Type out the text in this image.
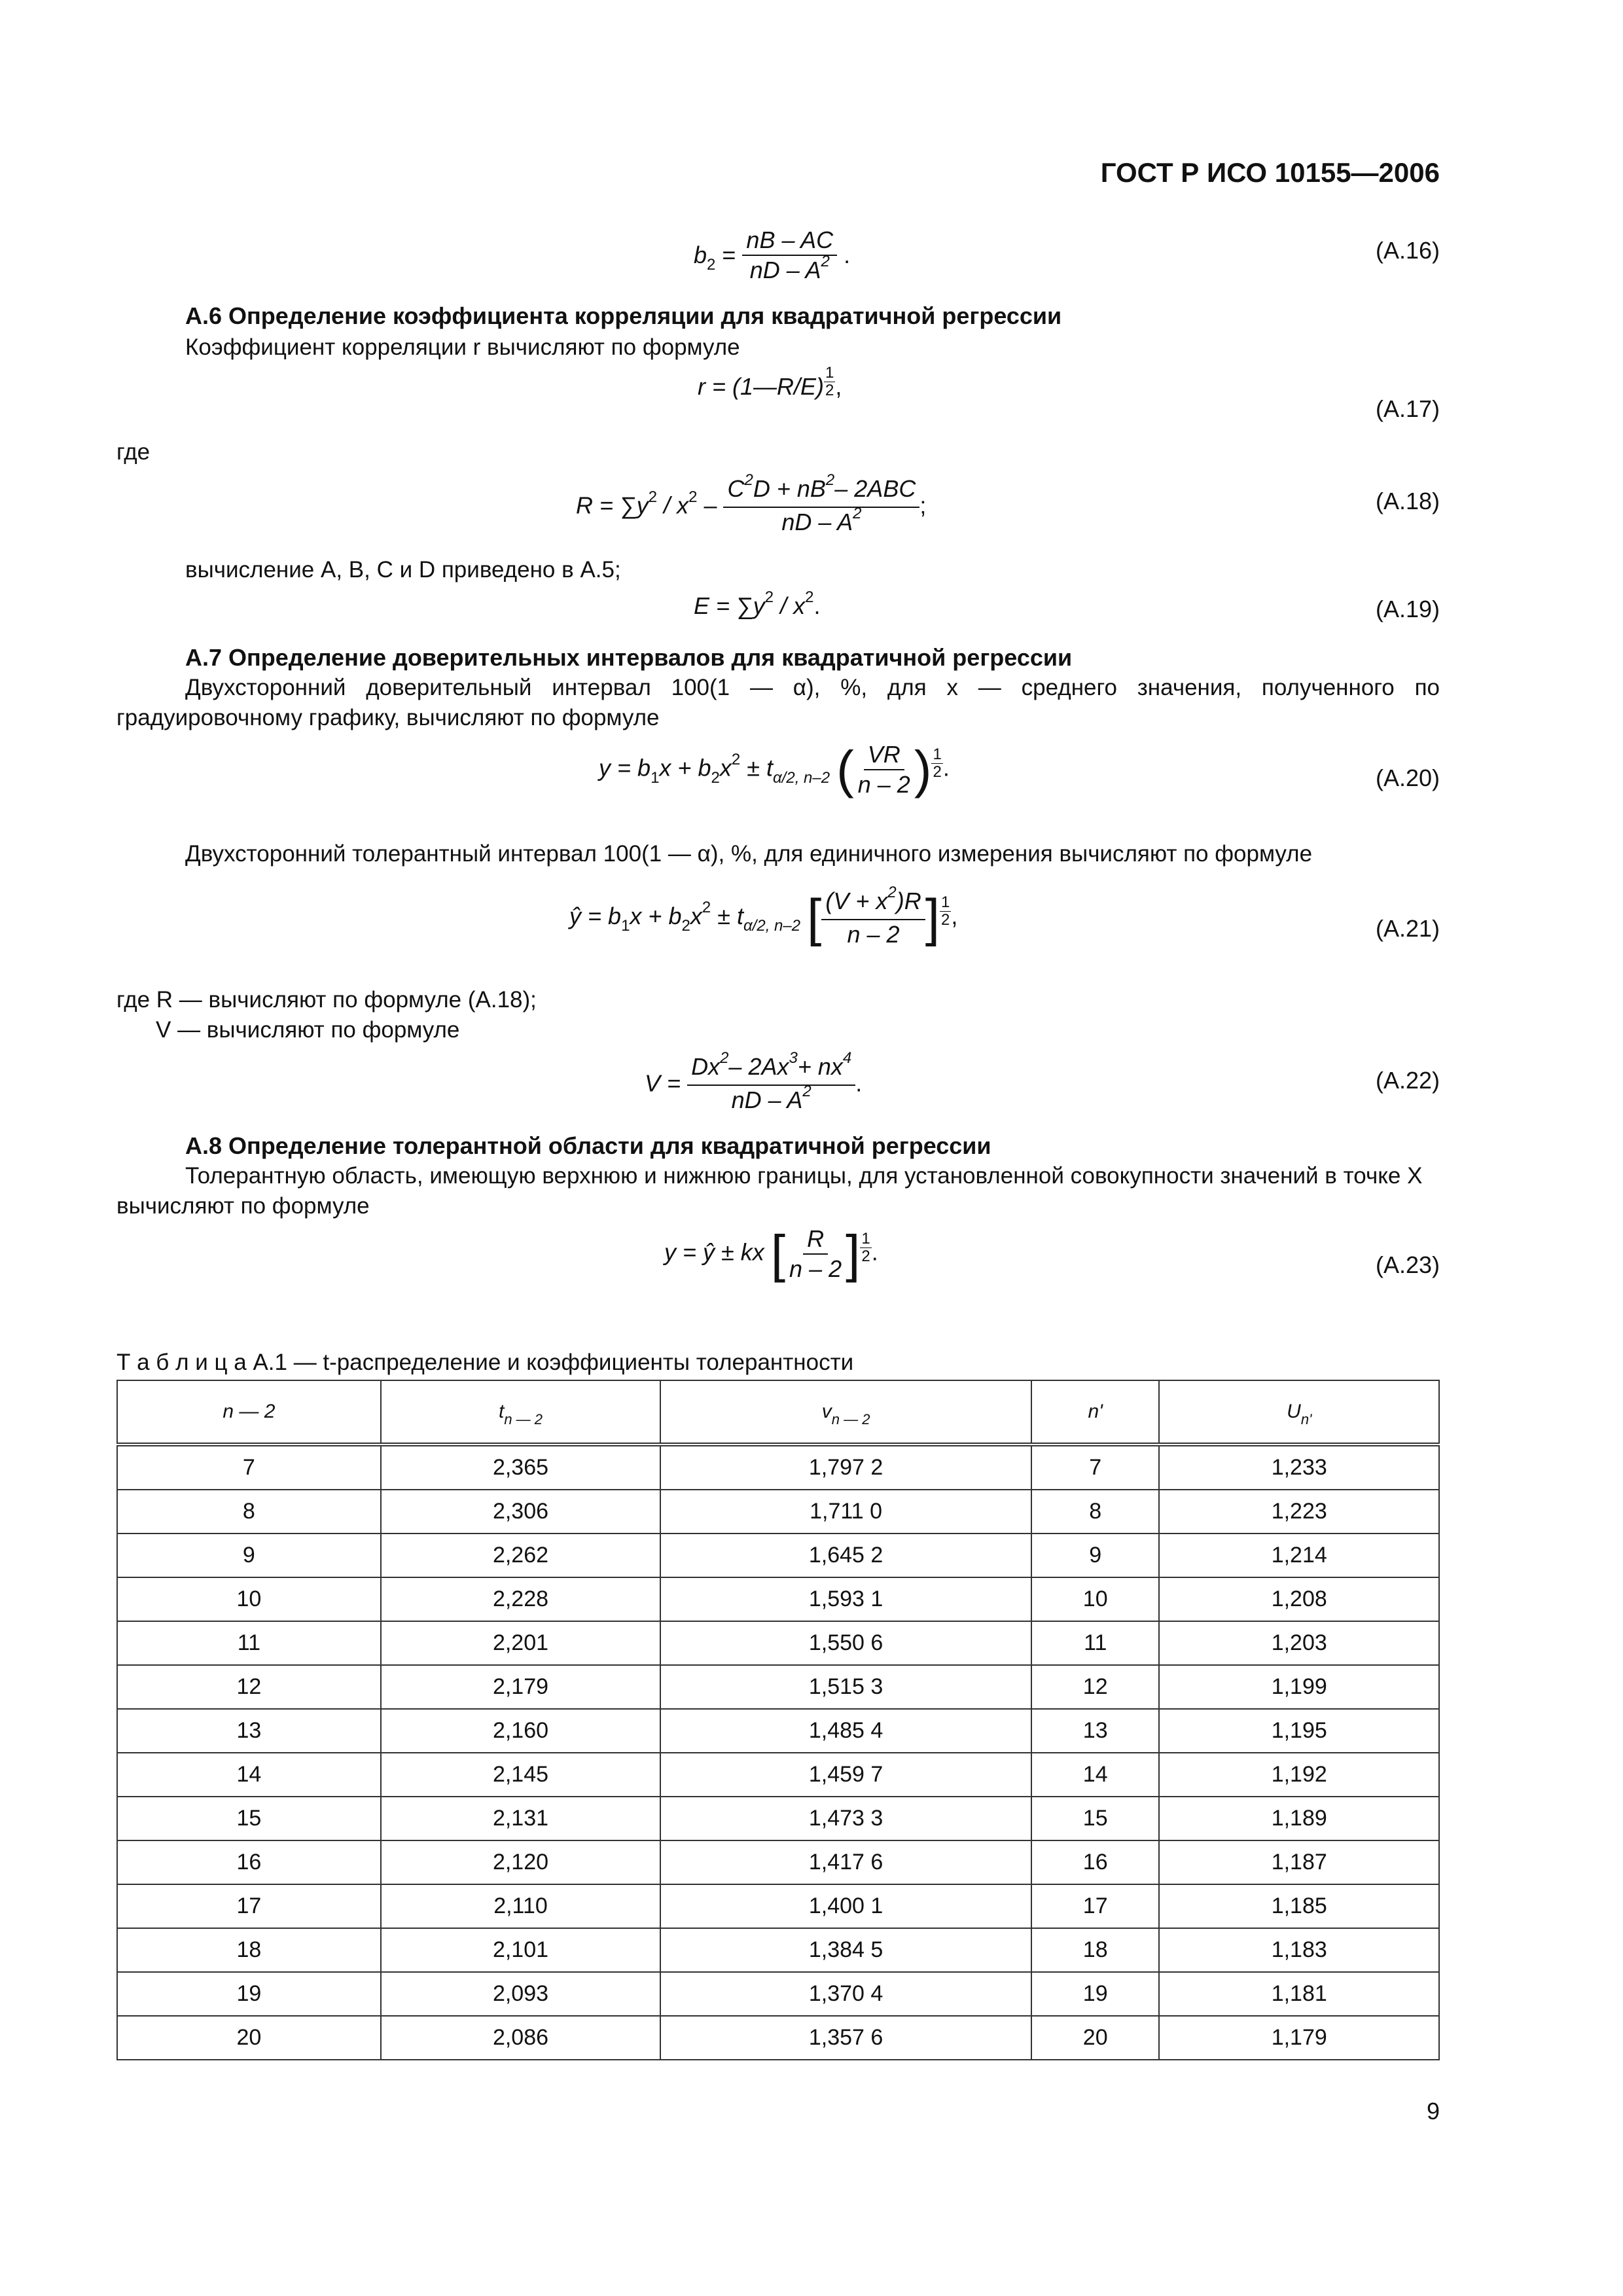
ГОСТ Р ИСО 10155—2006
$b_2 = \frac{nB - AC}{nD - A^2}$ .	(A.16)
A.6 Определение коэффициента корреляции для квадратичной регрессии
Коэффициент корреляции r вычисляют по формуле
r = (1—R/E) $\frac{1}{2}$ ,
(A.17)
где
$R = \sum y^2 / x^2 - \frac{C^2D + nB^2- 2ABC}{nD - A^2}$ ;	(A.18)
вычисление A, B, C и D приведено в A.5;
$E = \sum y^2 / x^2$.	(A.19)
A.7 Определение доверительных интервалов для квадратичной регрессии
Двухсторонний доверительный интервал 100(1 — α), %, для x — среднего значения, полученного по градуировочному графику, вычисляют по формуле
$y = b_1x + b_2x^2 \pm t_{\alpha/2, n-2}$ ( $\frac{VR}{n - 2}$ ) $\frac{1}{2}$ .	(A.20)
Двухсторонний толерантный интервал 100(1 — α), %, для единичного измерения вычисляют по формуле
ŷ = $b_1x + b_2x^2 \pm t_{\alpha/2, n-2}$ [ $\frac{(V + x^2)R}{n - 2}$ ] $\frac{1}{2}$ ,	(A.21)
где R — вычисляют по формуле (A.18);
V — вычисляют по формуле
$V = \frac{Dx^2- 2Ax^3+ nx^4}{nD - A^2}$ .	(A.22)
A.8 Определение толерантной области для квадратичной регрессии
Толерантную область, имеющую верхнюю и нижнюю границы, для установленной совокупности значений в точке X вычисляют по формуле
y = ŷ ± kx [ $\frac{R}{n - 2}$ ] $\frac{1}{2}$ .	(A.23)
Т а б л и ц а A.1 — t-распределение и коэффициенты толерантности
n — 2	$t_{n — 2}$	$v_{n — 2}$	n'	$U_{n'}$
7	2,365	1,797 2	7	1,233
8	2,306	1,711 0	8	1,223
9	2,262	1,645 2	9	1,214
10	2,228	1,593 1	10	1,208
11	2,201	1,550 6	11	1,203
12	2,179	1,515 3	12	1,199
13	2,160	1,485 4	13	1,195
14	2,145	1,459 7	14	1,192
15	2,131	1,473 3	15	1,189
16	2,120	1,417 6	16	1,187
17	2,110	1,400 1	17	1,185
18	2,101	1,384 5	18	1,183
19	2,093	1,370 4	19	1,181
20	2,086	1,357 6	20	1,179
9
